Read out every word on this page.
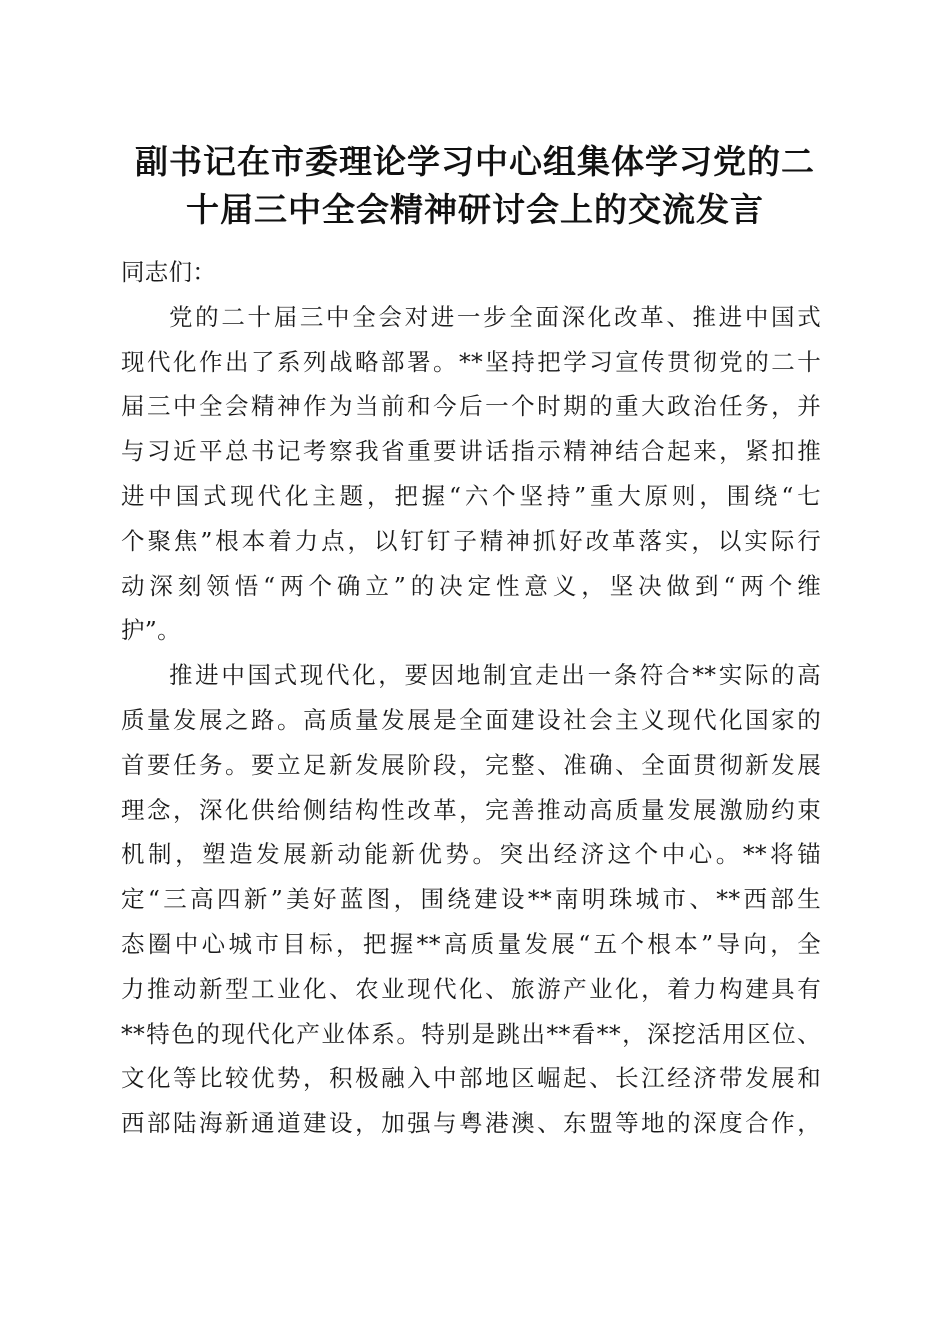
副书记在市委理论学习中心组集体学习党的二
十届三中全会精神研讨会上的交流发言
同志们：
党的二十届三中全会对进一步全面深化改革、推进中国式
现代化作出了系列战略部署。**坚持把学习宣传贯彻党的二十
届三中全会精神作为当前和今后一个时期的重大政治任务，并
与习近平总书记考察我省重要讲话指示精神结合起来，紧扣推
进中国式现代化主题，把握“六个坚持”重大原则，围绕“七
个聚焦”根本着力点，以钉钉子精神抓好改革落实，以实际行
动深刻领悟“两个确立”的决定性意义，坚决做到“两个维
护”。
推进中国式现代化，要因地制宜走出一条符合**实际的高
质量发展之路。高质量发展是全面建设社会主义现代化国家的
首要任务。要立足新发展阶段，完整、准确、全面贯彻新发展
理念，深化供给侧结构性改革，完善推动高质量发展激励约束
机制，塑造发展新动能新优势。突出经济这个中心。**将锚
定“三高四新”美好蓝图，围绕建设**南明珠城市、**西部生
态圈中心城市目标，把握**高质量发展“五个根本”导向，全
力推动新型工业化、农业现代化、旅游产业化，着力构建具有
**特色的现代化产业体系。特别是跳出**看**，深挖活用区位、
文化等比较优势，积极融入中部地区崛起、长江经济带发展和
西部陆海新通道建设，加强与粤港澳、东盟等地的深度合作，
